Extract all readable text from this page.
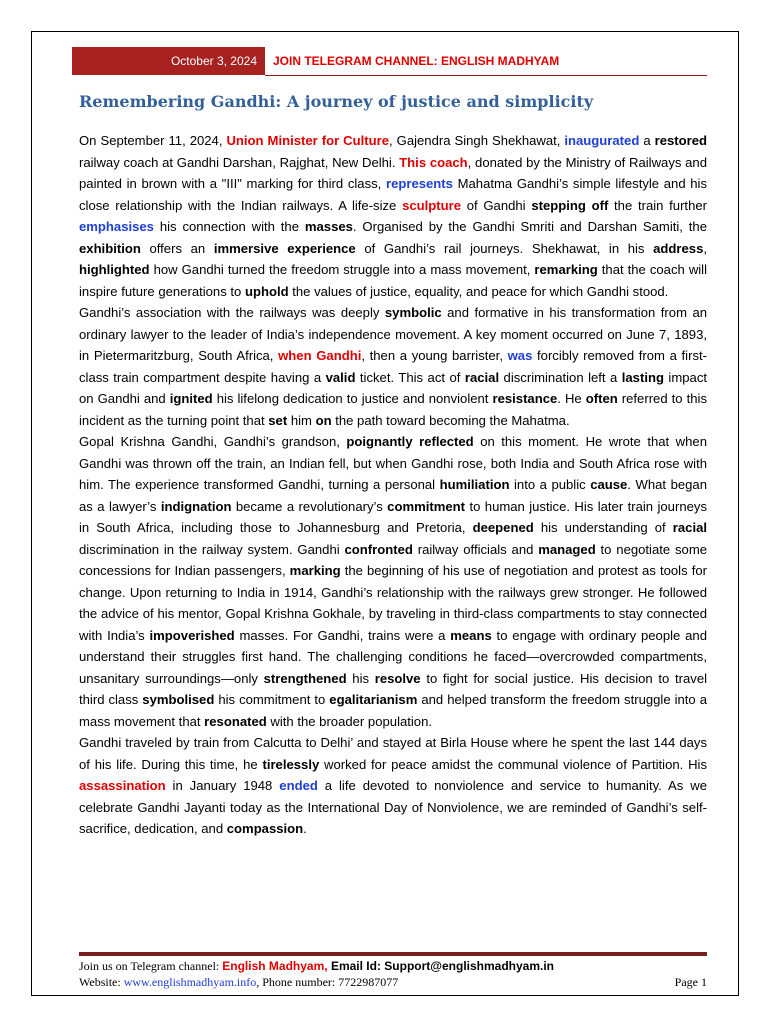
October 3, 2024	JOIN TELEGRAM CHANNEL: ENGLISH MADHYAM
Remembering Gandhi: A journey of justice and simplicity

On September 11, 2024, Union Minister for Culture, Gajendra Singh Shekhawat, inaugurated a restored railway coach at Gandhi Darshan, Rajghat, New Delhi. This coach, donated by the Ministry of Railways and painted in brown with a "III" marking for third class, represents Mahatma Gandhi’s simple lifestyle and his close relationship with the Indian railways. A life-size sculpture of Gandhi stepping off the train further emphasises his connection with the masses. Organised by the Gandhi Smriti and Darshan Samiti, the exhibition offers an immersive experience of Gandhi’s rail journeys. Shekhawat, in his address, highlighted how Gandhi turned the freedom struggle into a mass movement, remarking that the coach will inspire future generations to uphold the values of justice, equality, and peace for which Gandhi stood.

Gandhi’s association with the railways was deeply symbolic and formative in his transformation from an ordinary lawyer to the leader of India’s independence movement. A key moment occurred on June 7, 1893, in Pietermaritzburg, South Africa, when Gandhi, then a young barrister, was forcibly removed from a first-class train compartment despite having a valid ticket. This act of racial discrimination left a lasting impact on Gandhi and ignited his lifelong dedication to justice and nonviolent resistance. He often referred to this incident as the turning point that set him on the path toward becoming the Mahatma.

Gopal Krishna Gandhi, Gandhi’s grandson, poignantly reflected on this moment. He wrote that when Gandhi was thrown off the train, an Indian fell, but when Gandhi rose, both India and South Africa rose with him. The experience transformed Gandhi, turning a personal humiliation into a public cause. What began as a lawyer’s indignation became a revolutionary’s commitment to human justice. His later train journeys in South Africa, including those to Johannesburg and Pretoria, deepened his understanding of racial discrimination in the railway system. Gandhi confronted railway officials and managed to negotiate some concessions for Indian passengers, marking the beginning of his use of negotiation and protest as tools for change. Upon returning to India in 1914, Gandhi’s relationship with the railways grew stronger. He followed the advice of his mentor, Gopal Krishna Gokhale, by traveling in third-class compartments to stay connected with India’s impoverished masses. For Gandhi, trains were a means to engage with ordinary people and understand their struggles first hand. The challenging conditions he faced—overcrowded compartments, unsanitary surroundings—only strengthened his resolve to fight for social justice. His decision to travel third class symbolised his commitment to egalitarianism and helped transform the freedom struggle into a mass movement that resonated with the broader population.

Gandhi traveled by train from Calcutta to Delhi’ and stayed at Birla House where he spent the last 144 days of his life. During this time, he tirelessly worked for peace amidst the communal violence of Partition. His assassination in January 1948 ended a life devoted to nonviolence and service to humanity. As we celebrate Gandhi Jayanti today as the International Day of Nonviolence, we are reminded of Gandhi’s self-sacrifice, dedication, and compassion.

Join us on Telegram channel: English Madhyam, Email Id: Support@englishmadhyam.in
Website: www.englishmadhyam.info, Phone number: 7722987077	Page 1
